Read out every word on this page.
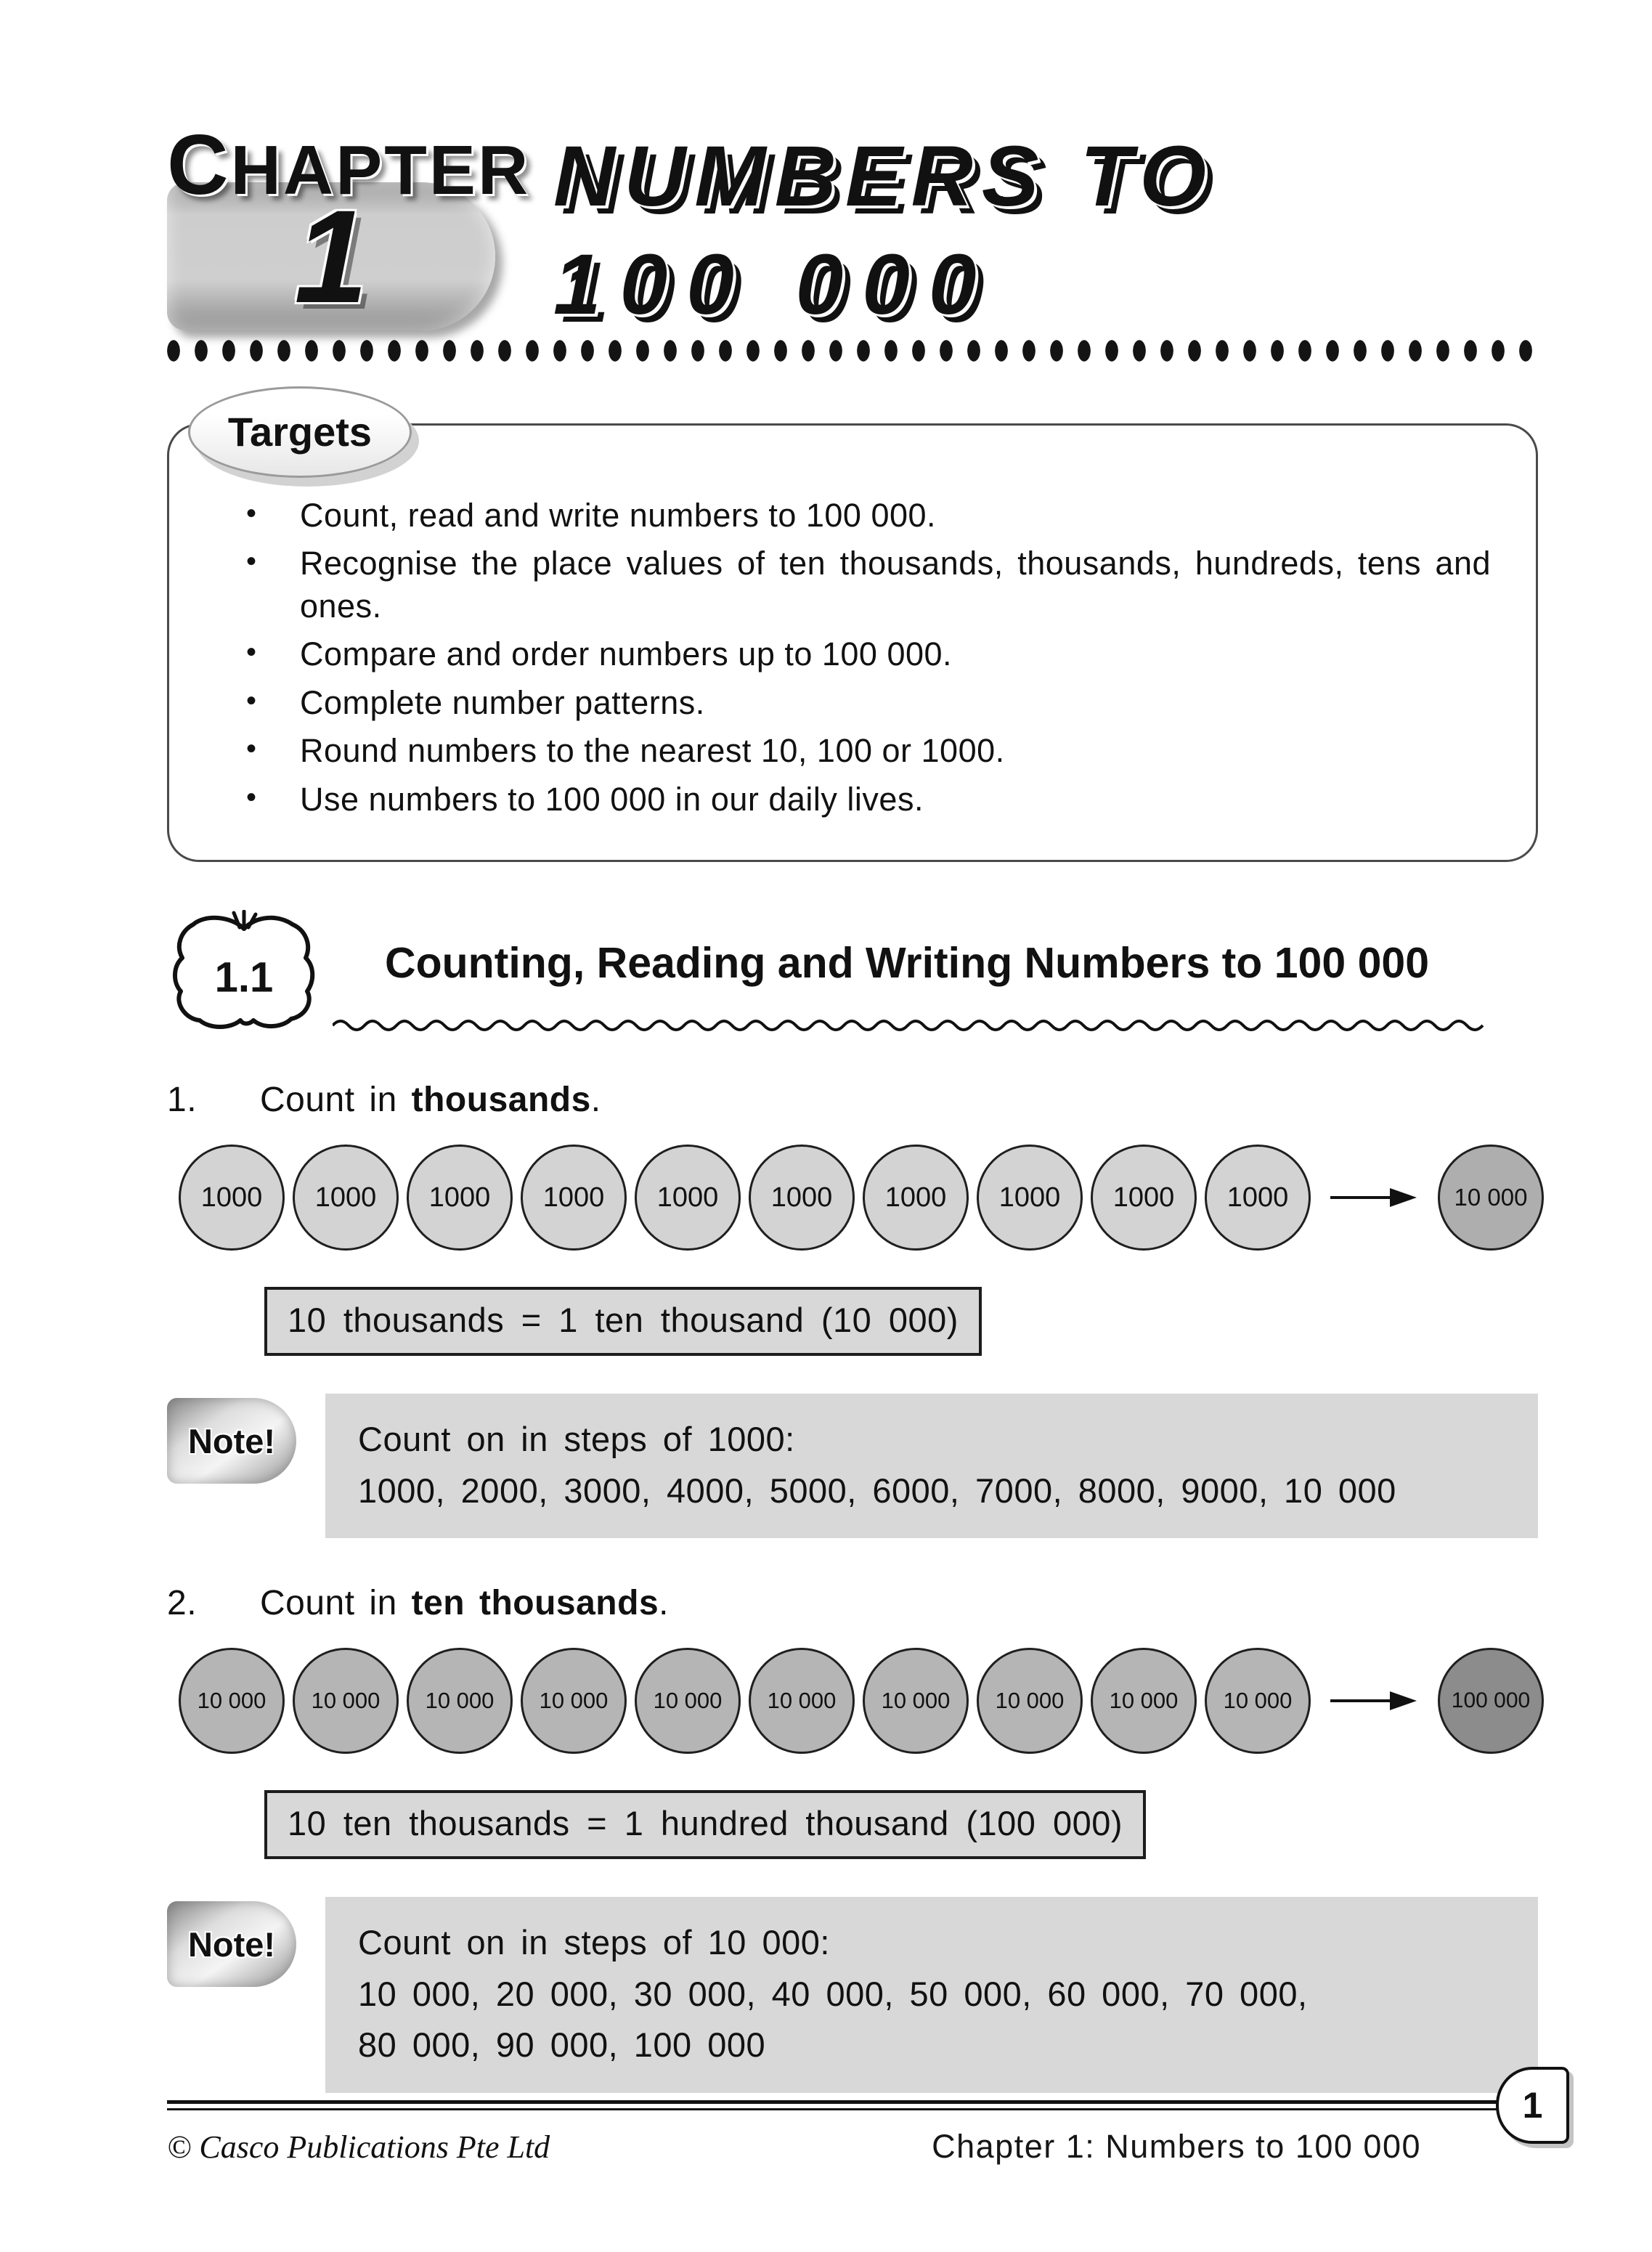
CHAPTER
1
NUMBERS TO
100 000
Targets
•	Count, read and write numbers to 100 000.
•	Recognise the place values of ten thousands, thousands, hundreds, tens and ones.
•	Compare and order numbers up to 100 000.
•	Complete number patterns.
•	Round numbers to the nearest 10, 100 or 1000.
•	Use numbers to 100 000 in our daily lives.
1.1	Counting, Reading and Writing Numbers to 100 000
1.	Count in thousands.
1000	1000	1000	1000	1000	1000	1000	1000	1000	1000	10 000
10 thousands = 1 ten thousand (10 000)
Note! Count on in steps of 1000:
1000, 2000, 3000, 4000, 5000, 6000, 7000, 8000, 9000, 10 000
2.	Count in ten thousands.
10 000	10 000	10 000	10 000	10 000	10 000	10 000	10 000	10 000	10 000	100 000
10 ten thousands = 1 hundred thousand (100 000)
Note! Count on in steps of 10 000:
10 000, 20 000, 30 000, 40 000, 50 000, 60 000, 70 000,
80 000, 90 000, 100 000
© Casco Publications Pte Ltd	Chapter 1: Numbers to 100 000
1
